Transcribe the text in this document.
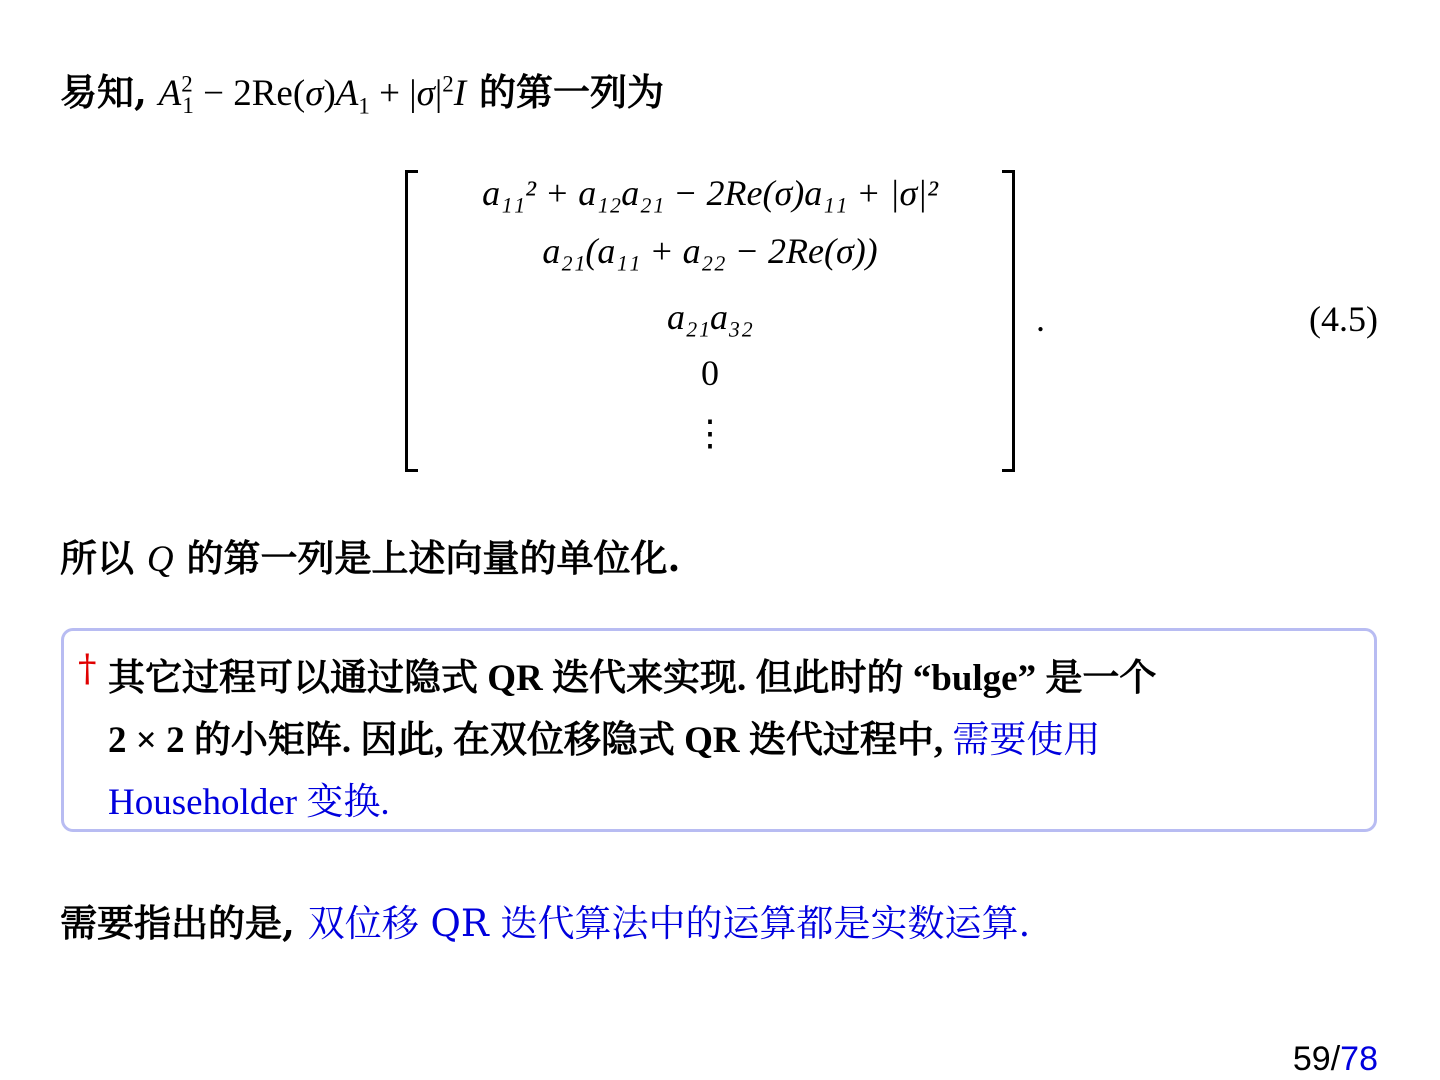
易知, $A^2_1 - 2Re(\sigma)A_1 + |\sigma|^2I$ 的第一列为
a₁₁² + a₁₂a₂₁ − 2Re(σ)a₁₁ + |σ|²
a₂₁(a₁₁ + a₂₂ − 2Re(σ))
a₂₁a₃₂
0
⋮
.	(4.5)
所以 Q 的第一列是上述向量的单位化.
† 其它过程可以通过隐式 QR 迭代来实现. 但此时的 “bulge” 是一个
2 × 2 的小矩阵. 因此, 在双位移隐式 QR 迭代过程中, 需要使用
Householder 变换.
需要指出的是, 双位移 QR 迭代算法中的运算都是实数运算.
59/78
